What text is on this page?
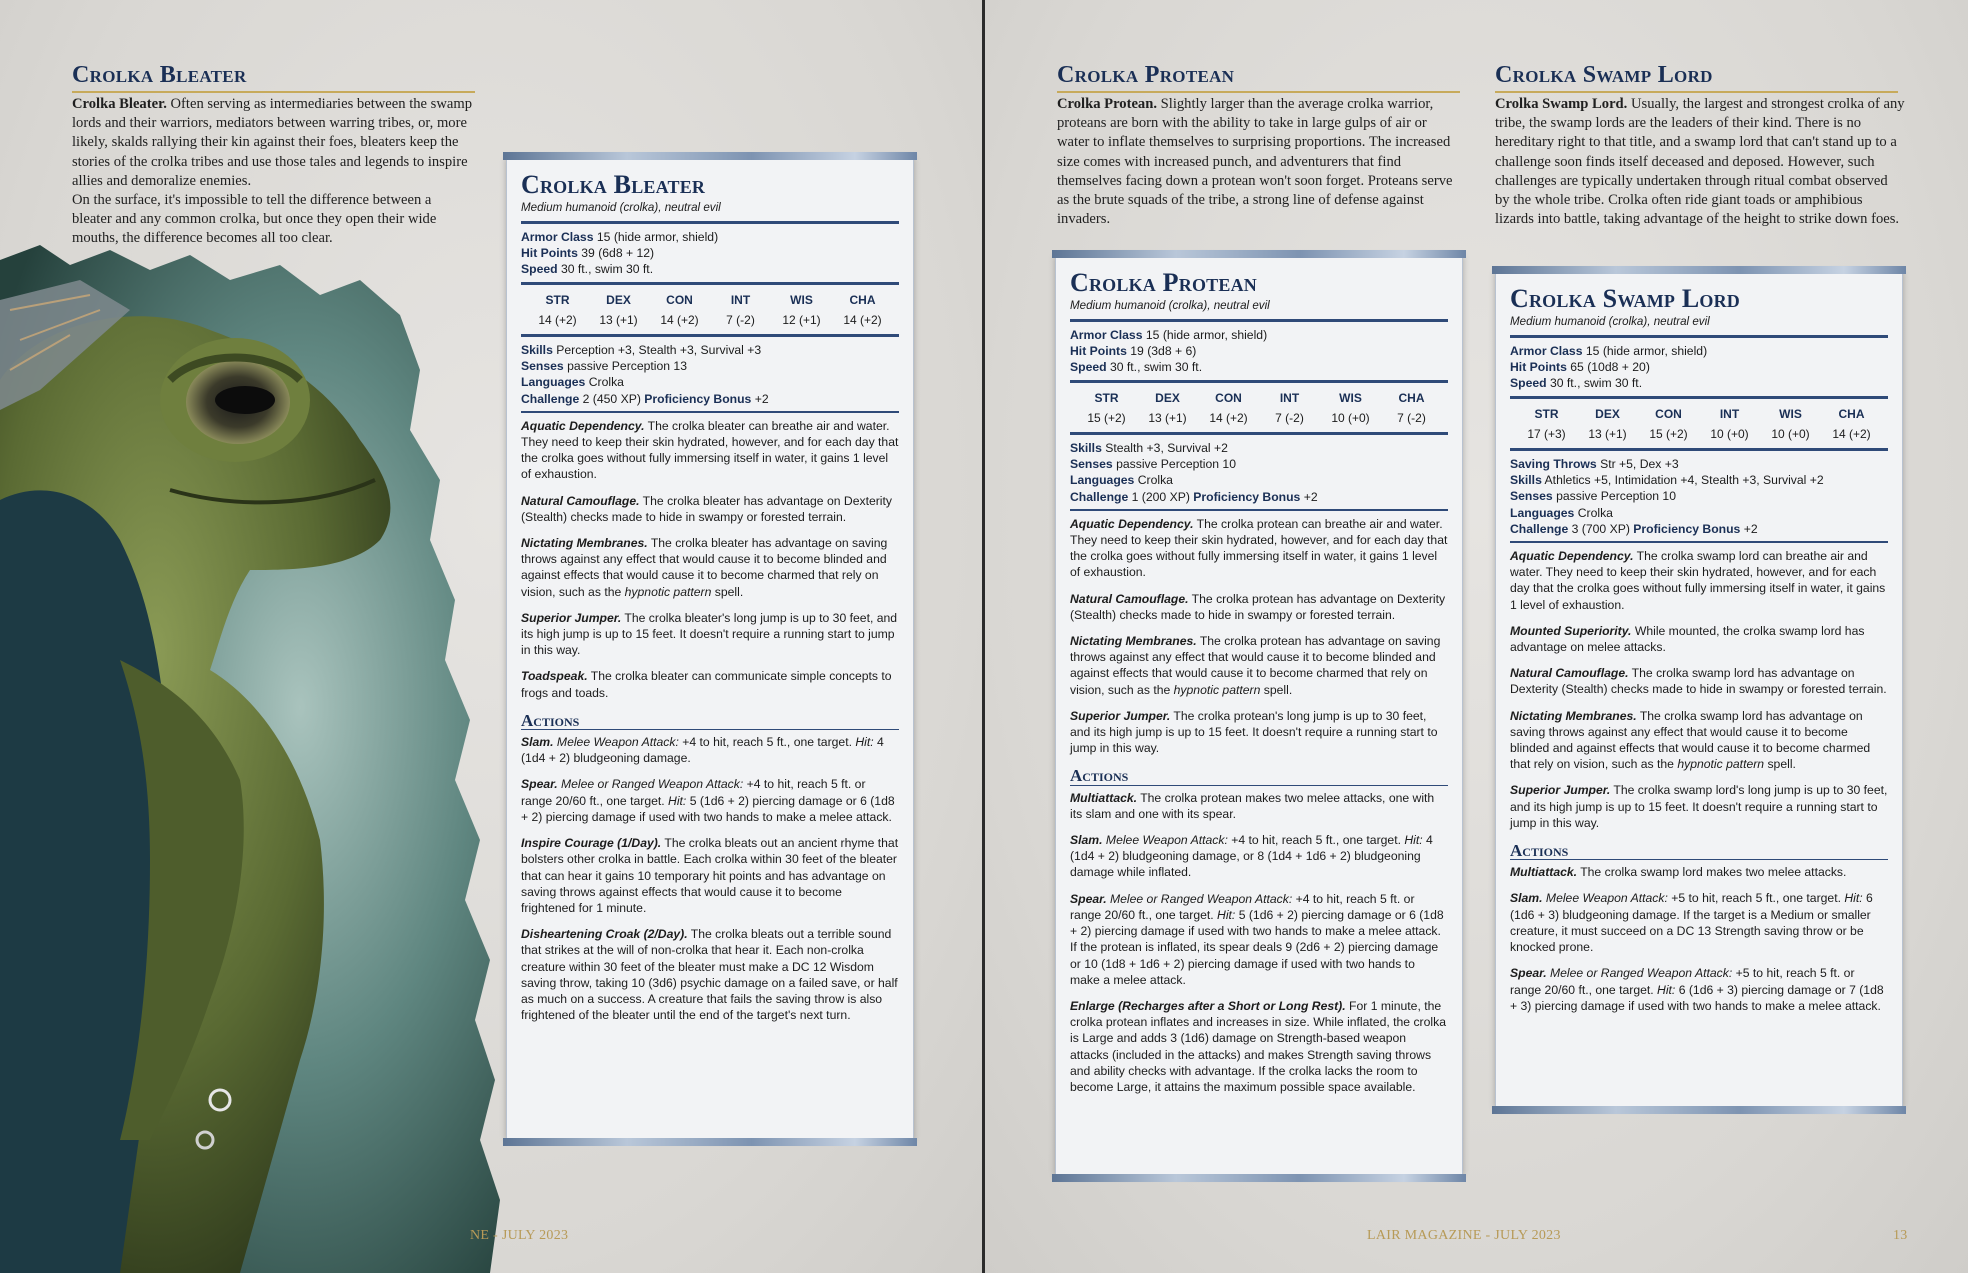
Crolka Bleater
Crolka Bleater. Often serving as intermediaries between the swamp lords and their warriors, mediators between warring tribes, or, more likely, skalds rallying their kin against their foes, bleaters keep the stories of the crolka tribes and use those tales and legends to inspire allies and demoralize enemies.
On the surface, it's impossible to tell the difference between a bleater and any common crolka, but once they open their wide mouths, the difference becomes all too clear.
Crolka Bleater
Medium humanoid (crolka), neutral evil
Armor Class 15 (hide armor, shield)
Hit Points 39 (6d8 + 12)
Speed 30 ft., swim 30 ft.
STR
14 (+2)
DEX
13 (+1)
CON
14 (+2)
INT
7 (-2)
WIS
12 (+1)
CHA
14 (+2)
Skills Perception +3, Stealth +3, Survival +3
Senses passive Perception 13
Languages Crolka
Challenge 2 (450 XP) Proficiency Bonus +2
Aquatic Dependency. The crolka bleater can breathe air and water. They need to keep their skin hydrated, however, and for each day that the crolka goes without fully immersing itself in water, it gains 1 level of exhaustion.
Natural Camouflage. The crolka bleater has advantage on Dexterity (Stealth) checks made to hide in swampy or forested terrain.
Nictating Membranes. The crolka bleater has advantage on saving throws against any effect that would cause it to become blinded and against effects that would cause it to become charmed that rely on vision, such as the hypnotic pattern spell.
Superior Jumper. The crolka bleater's long jump is up to 30 feet, and its high jump is up to 15 feet. It doesn't require a running start to jump in this way.
Toadspeak. The crolka bleater can communicate simple concepts to frogs and toads.
Actions
Slam. Melee Weapon Attack: +4 to hit, reach 5 ft., one target. Hit: 4 (1d4 + 2) bludgeoning damage.
Spear. Melee or Ranged Weapon Attack: +4 to hit, reach 5 ft. or range 20/60 ft., one target. Hit: 5 (1d6 + 2) piercing damage or 6 (1d8 + 2) piercing damage if used with two hands to make a melee attack.
Inspire Courage (1/Day). The crolka bleats out an ancient rhyme that bolsters other crolka in battle. Each crolka within 30 feet of the bleater that can hear it gains 10 temporary hit points and has advantage on saving throws against effects that would cause it to become frightened for 1 minute.
Disheartening Croak (2/Day). The crolka bleats out a terrible sound that strikes at the will of non-crolka that hear it. Each non-crolka creature within 30 feet of the bleater must make a DC 12 Wisdom saving throw, taking 10 (3d6) psychic damage on a failed save, or half as much on a success. A creature that fails the saving throw is also frightened of the bleater until the end of the target's next turn.
NE - JULY 2023
Crolka Protean
Crolka Protean. Slightly larger than the average crolka warrior, proteans are born with the ability to take in large gulps of air or water to inflate themselves to surprising proportions. The increased size comes with increased punch, and adventurers that find themselves facing down a protean won't soon forget. Proteans serve as the brute squads of the tribe, a strong line of defense against invaders.
Crolka Swamp Lord
Crolka Swamp Lord. Usually, the largest and strongest crolka of any tribe, the swamp lords are the leaders of their kind. There is no hereditary right to that title, and a swamp lord that can't stand up to a challenge soon finds itself deceased and deposed. However, such challenges are typically undertaken through ritual combat observed by the whole tribe. Crolka often ride giant toads or amphibious lizards into battle, taking advantage of the height to strike down foes.
Crolka Protean
Medium humanoid (crolka), neutral evil
Armor Class 15 (hide armor, shield)
Hit Points 19 (3d8 + 6)
Speed 30 ft., swim 30 ft.
STR
15 (+2)
DEX
13 (+1)
CON
14 (+2)
INT
7 (-2)
WIS
10 (+0)
CHA
7 (-2)
Skills Stealth +3, Survival +2
Senses passive Perception 10
Languages Crolka
Challenge 1 (200 XP) Proficiency Bonus +2
Aquatic Dependency. The crolka protean can breathe air and water. They need to keep their skin hydrated, however, and for each day that the crolka goes without fully immersing itself in water, it gains 1 level of exhaustion.
Natural Camouflage. The crolka protean has advantage on Dexterity (Stealth) checks made to hide in swampy or forested terrain.
Nictating Membranes. The crolka protean has advantage on saving throws against any effect that would cause it to become blinded and against effects that would cause it to become charmed that rely on vision, such as the hypnotic pattern spell.
Superior Jumper. The crolka protean's long jump is up to 30 feet, and its high jump is up to 15 feet. It doesn't require a running start to jump in this way.
Actions
Multiattack. The crolka protean makes two melee attacks, one with its slam and one with its spear.
Slam. Melee Weapon Attack: +4 to hit, reach 5 ft., one target. Hit: 4 (1d4 + 2) bludgeoning damage, or 8 (1d4 + 1d6 + 2) bludgeoning damage while inflated.
Spear. Melee or Ranged Weapon Attack: +4 to hit, reach 5 ft. or range 20/60 ft., one target. Hit: 5 (1d6 + 2) piercing damage or 6 (1d8 + 2) piercing damage if used with two hands to make a melee attack. If the protean is inflated, its spear deals 9 (2d6 + 2) piercing damage or 10 (1d8 + 1d6 + 2) piercing damage if used with two hands to make a melee attack.
Enlarge (Recharges after a Short or Long Rest). For 1 minute, the crolka protean inflates and increases in size. While inflated, the crolka is Large and adds 3 (1d6) damage on Strength-based weapon attacks (included in the attacks) and makes Strength saving throws and ability checks with advantage. If the crolka lacks the room to become Large, it attains the maximum possible space available.
Crolka Swamp Lord
Medium humanoid (crolka), neutral evil
Armor Class 15 (hide armor, shield)
Hit Points 65 (10d8 + 20)
Speed 30 ft., swim 30 ft.
STR
17 (+3)
DEX
13 (+1)
CON
15 (+2)
INT
10 (+0)
WIS
10 (+0)
CHA
14 (+2)
Saving Throws Str +5, Dex +3
Skills Athletics +5, Intimidation +4, Stealth +3, Survival +2
Senses passive Perception 10
Languages Crolka
Challenge 3 (700 XP) Proficiency Bonus +2
Aquatic Dependency. The crolka swamp lord can breathe air and water. They need to keep their skin hydrated, however, and for each day that the crolka goes without fully immersing itself in water, it gains 1 level of exhaustion.
Mounted Superiority. While mounted, the crolka swamp lord has advantage on melee attacks.
Natural Camouflage. The crolka swamp lord has advantage on Dexterity (Stealth) checks made to hide in swampy or forested terrain.
Nictating Membranes. The crolka swamp lord has advantage on saving throws against any effect that would cause it to become blinded and against effects that would cause it to become charmed that rely on vision, such as the hypnotic pattern spell.
Superior Jumper. The crolka swamp lord's long jump is up to 30 feet, and its high jump is up to 15 feet. It doesn't require a running start to jump in this way.
Actions
Multiattack. The crolka swamp lord makes two melee attacks.
Slam. Melee Weapon Attack: +5 to hit, reach 5 ft., one target. Hit: 6 (1d6 + 3) bludgeoning damage. If the target is a Medium or smaller creature, it must succeed on a DC 13 Strength saving throw or be knocked prone.
Spear. Melee or Ranged Weapon Attack: +5 to hit, reach 5 ft. or range 20/60 ft., one target. Hit: 6 (1d6 + 3) piercing damage or 7 (1d8 + 3) piercing damage if used with two hands to make a melee attack.
LAIR MAGAZINE - JULY 2023	13
